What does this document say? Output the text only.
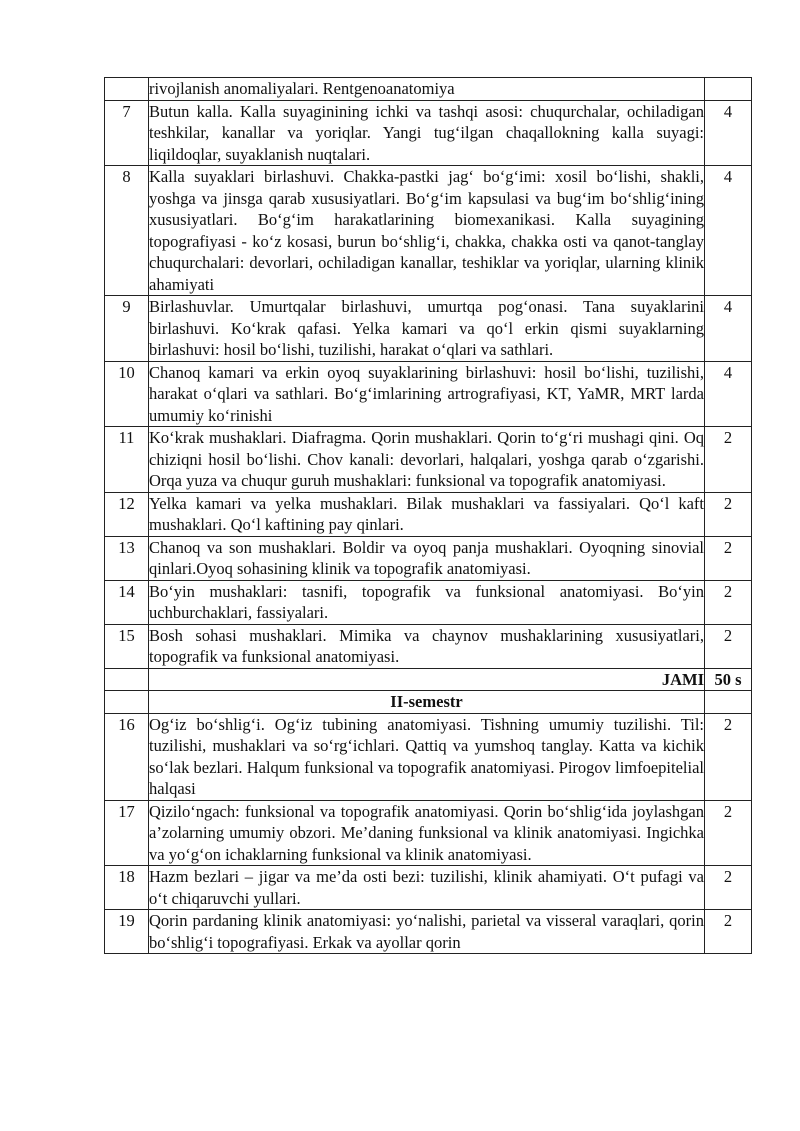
	rivojlanish anomaliyalari. Rentgenoanatomiya	
7	Butun kalla. Kalla suyaginining ichki va tashqi asosi: chuqurchalar, ochiladigan teshkilar, kanallar va yoriqlar. Yangi tug‘ilgan chaqallokning kalla suyagi: liqildoqlar, suyaklanish nuqtalari.	4
8	Kalla suyaklari birlashuvi. Chakka-pastki jag‘ bo‘g‘imi: xosil bo‘lishi, shakli, yoshga va jinsga qarab xususiyatlari. Bo‘g‘im kapsulasi va bug‘im bo‘shlig‘ining xususiyatlari. Bo‘g‘im harakatlarining biomexanikasi. Kalla suyagining topografiyasi - ko‘z kosasi, burun bo‘shlig‘i, chakka, chakka osti va qanot-tanglay chuqurchalari: devorlari, ochiladigan kanallar, teshiklar va yoriqlar, ularning klinik ahamiyati	4
9	Birlashuvlar. Umurtqalar birlashuvi, umurtqa pog‘onasi. Tana suyaklarini birlashuvi. Ko‘krak qafasi. Yelka kamari va qo‘l erkin qismi suyaklarning birlashuvi: hosil bo‘lishi, tuzilishi, harakat o‘qlari va sathlari.	4
10	Chanoq kamari va erkin oyoq suyaklarining birlashuvi: hosil bo‘lishi, tuzilishi, harakat o‘qlari va sathlari. Bo‘g‘imlarining artrografiyasi, KT, YaMR, MRT larda umumiy ko‘rinishi	4
11	Ko‘krak mushaklari. Diafragma. Qorin mushaklari. Qorin to‘g‘ri mushagi qini. Oq chiziqni hosil bo‘lishi. Chov kanali: devorlari, halqalari, yoshga qarab o‘zgarishi. Orqa yuza va chuqur guruh mushaklari: funksional va topografik anatomiyasi.	2
12	Yelka kamari va yelka mushaklari. Bilak mushaklari va fassiyalari. Qo‘l kaft mushaklari. Qo‘l kaftining pay qinlari.	2
13	Chanoq va son mushaklari. Boldir va oyoq panja mushaklari. Oyoqning sinovial qinlari.Oyoq sohasining klinik va topografik anatomiyasi.	2
14	Bo‘yin mushaklari: tasnifi, topografik va funksional anatomiyasi. Bo‘yin uchburchaklari, fassiyalari.	2
15	Bosh sohasi mushaklari. Mimika va chaynov mushaklarining xususiyatlari, topografik va funksional anatomiyasi.	2
	JAMI	50 s
	II-semestr	
16	Og‘iz bo‘shlig‘i. Og‘iz tubining anatomiyasi. Tishning umumiy tuzilishi. Til: tuzilishi, mushaklari va so‘rg‘ichlari. Qattiq va yumshoq tanglay. Katta va kichik so‘lak bezlari. Halqum funksional va topografik anatomiyasi. Pirogov limfoepitelial halqasi	2
17	Qizilo‘ngach: funksional va topografik anatomiyasi. Qorin bo‘shlig‘ida joylashgan a’zolarning umumiy obzori. Me’daning funksional va klinik anatomiyasi. Ingichka va yo‘g‘on ichaklarning funksional va klinik anatomiyasi.	2
18	Hazm bezlari – jigar va me’da osti bezi: tuzilishi, klinik ahamiyati. O‘t pufagi va o‘t chiqaruvchi yullari.	2
19	Qorin pardaning klinik anatomiyasi: yo‘nalishi, parietal va visseral varaqlari, qorin bo‘shlig‘i topografiyasi. Erkak va ayollar qorin	2
